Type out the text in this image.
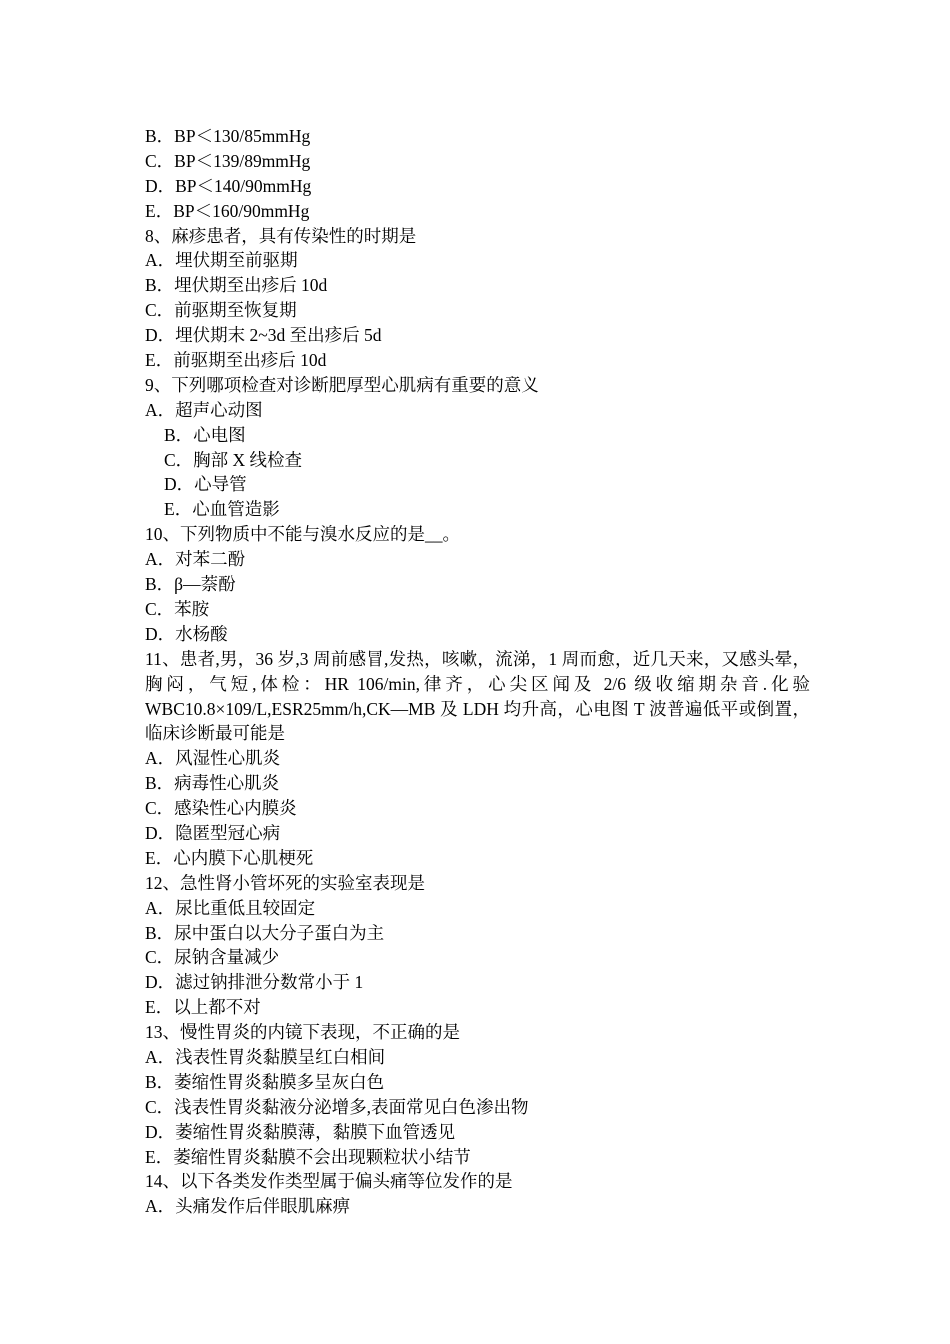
B．BP＜130/85mmHg
C．BP＜139/89mmHg
D．BP＜140/90mmHg
E．BP＜160/90mmHg
8、麻疹患者，具有传染性的时期是
A．埋伏期至前驱期
B．埋伏期至出疹后 10d
C．前驱期至恢复期
D．埋伏期末 2~3d 至出疹后 5d
E．前驱期至出疹后 10d
9、下列哪项检查对诊断肥厚型心肌病有重要的意义
A．超声心动图
B．心电图
C．胸部 X 线检查
D．心导管
E．心血管造影
10、下列物质中不能与溴水反应的是__。
A．对苯二酚
B．β—萘酚
C．苯胺
D．水杨酸
11、患者,男，36 岁,3 周前感冒,发热，咳嗽，流涕，1 周而愈，近几天来，又感头晕，胸闷，气短,体检：HR 106/min,律齐，心尖区闻及 2/6 级收缩期杂音.化验 WBC10.8×109/L,ESR25mm/h,CK—MB 及 LDH 均升高，心电图 T 波普遍低平或倒置，临床诊断最可能是
A．风湿性心肌炎
B．病毒性心肌炎
C．感染性心内膜炎
D．隐匿型冠心病
E．心内膜下心肌梗死
12、急性肾小管坏死的实验室表现是
A．尿比重低且较固定
B．尿中蛋白以大分子蛋白为主
C．尿钠含量减少
D．滤过钠排泄分数常小于 1
E．以上都不对
13、慢性胃炎的内镜下表现，不正确的是
A．浅表性胃炎黏膜呈红白相间
B．萎缩性胃炎黏膜多呈灰白色
C．浅表性胃炎黏液分泌增多,表面常见白色渗出物
D．萎缩性胃炎黏膜薄，黏膜下血管透见
E．萎缩性胃炎黏膜不会出现颗粒状小结节
14、以下各类发作类型属于偏头痛等位发作的是
A．头痛发作后伴眼肌麻痹
